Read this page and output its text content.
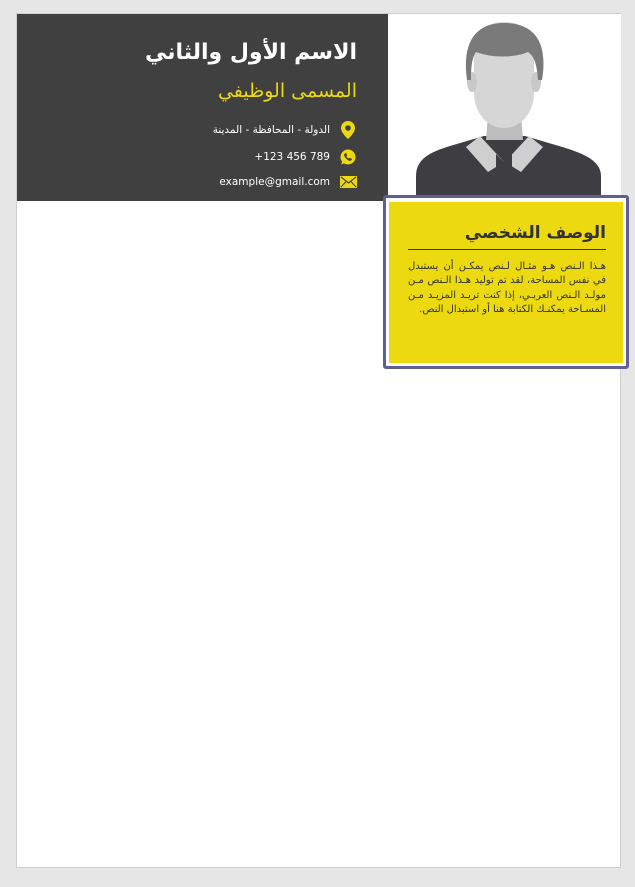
الاسم الأول والثاني
المسمى الوظيفي
الدولة - المحافظة - المدينة
+123 456 789
example@gmail.com
الوصف الشخصي
هـذا الـنص هـو مثـال لـنص يمكـن أن يستبدل في نفس المساحة، لقد تم توليد هـذا الـنص مـن مولـد الـنص العربـي، إذا كنت تريـد المزيـد مـن المسـاحة يمكنـك الكتابة هنا أو استبدال النص.
